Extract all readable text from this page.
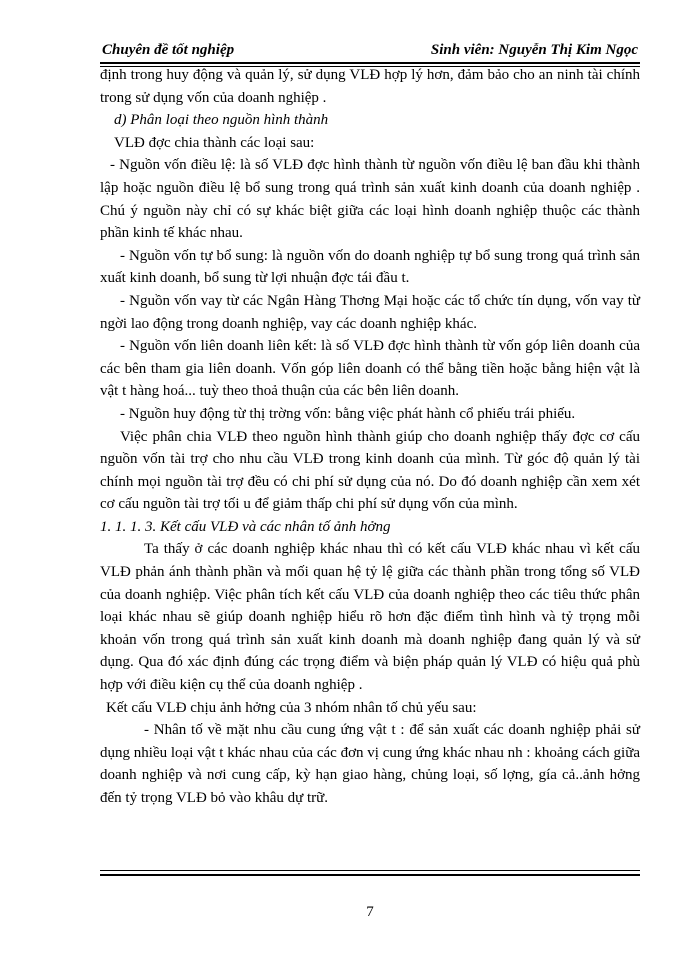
Chuyên đề tốt nghiệp	Sinh viên: Nguyễn Thị Kim Ngọc

định trong huy động và quản lý, sử dụng VLĐ hợp lý hơn, đảm bảo cho an ninh tài chính trong sử dụng vốn của doanh nghiệp .

d) Phân loại theo nguồn hình thành

VLĐ đợc chia thành các loại sau:

- Nguồn vốn điều lệ: là số VLĐ đợc hình thành từ nguồn vốn điều lệ ban đầu khi thành lập hoặc nguồn điều lệ bổ sung trong quá trình sản xuất kinh doanh của doanh nghiệp . Chú ý nguồn này chỉ có sự khác biệt giữa các loại hình doanh nghiệp thuộc các thành phần kinh tế khác nhau.

- Nguồn vốn tự bổ sung: là nguồn vốn do doanh nghiệp tự bổ sung trong quá trình sản xuất kinh doanh, bổ sung từ lợi nhuận đợc tái đầu t.

- Nguồn vốn vay từ các Ngân Hàng Thơng Mại hoặc các tổ chức tín dụng, vốn vay từ ngời lao động trong doanh nghiệp, vay các doanh nghiệp khác.

- Nguồn vốn liên doanh liên kết: là số VLĐ đợc hình thành từ vốn góp liên doanh của các bên tham gia liên doanh. Vốn góp liên doanh có thể bằng tiền hoặc bằng hiện vật là vật t hàng hoá... tuỳ theo thoả thuận của các bên liên doanh.

- Nguồn huy động từ thị trờng vốn: bằng việc phát hành cổ phiếu trái phiếu.

Việc phân chia VLĐ theo nguồn hình thành giúp cho doanh nghiệp thấy đợc cơ cấu nguồn vốn tài trợ cho nhu cầu VLĐ trong kinh doanh của mình. Từ góc độ quản lý tài chính mọi nguồn tài trợ đều có chi phí sử dụng của nó. Do đó doanh nghiệp cần xem xét cơ cấu nguồn tài trợ tối u để giảm thấp chi phí sử dụng vốn của mình.

1. 1. 1. 3. Kết cấu VLĐ và các nhân tố ảnh hởng

Ta thấy ở các doanh nghiệp khác nhau thì có kết cấu VLĐ khác nhau vì kết cấu VLĐ phản ánh thành phần và mối quan hệ tỷ lệ giữa các thành phần trong tổng số VLĐ của doanh nghiệp. Việc phân tích kết cấu VLĐ của doanh nghiệp theo các tiêu thức phân loại khác nhau sẽ giúp doanh nghiệp hiểu rõ hơn đặc điểm tình hình và tỷ trọng mỗi khoản vốn trong quá trình sản xuất kinh doanh mà doanh nghiệp đang quản lý và sử dụng. Qua đó xác định đúng các trọng điểm và biện pháp quản lý VLĐ có hiệu quả phù hợp với điều kiện cụ thể của doanh nghiệp .

Kết cấu VLĐ chịu ảnh hởng của 3 nhóm nhân tố chủ yếu sau:

- Nhân tố về mặt nhu cầu cung ứng vật t : để sản xuất các doanh nghiệp phải sử dụng nhiều loại vật t khác nhau của các đơn vị cung ứng khác nhau nh : khoảng cách giữa doanh nghiệp và nơi cung cấp, kỳ hạn giao hàng, chủng loại, số lợng, gía cả..ảnh hởng đến tỷ trọng VLĐ bỏ vào khâu dự trữ.

7
